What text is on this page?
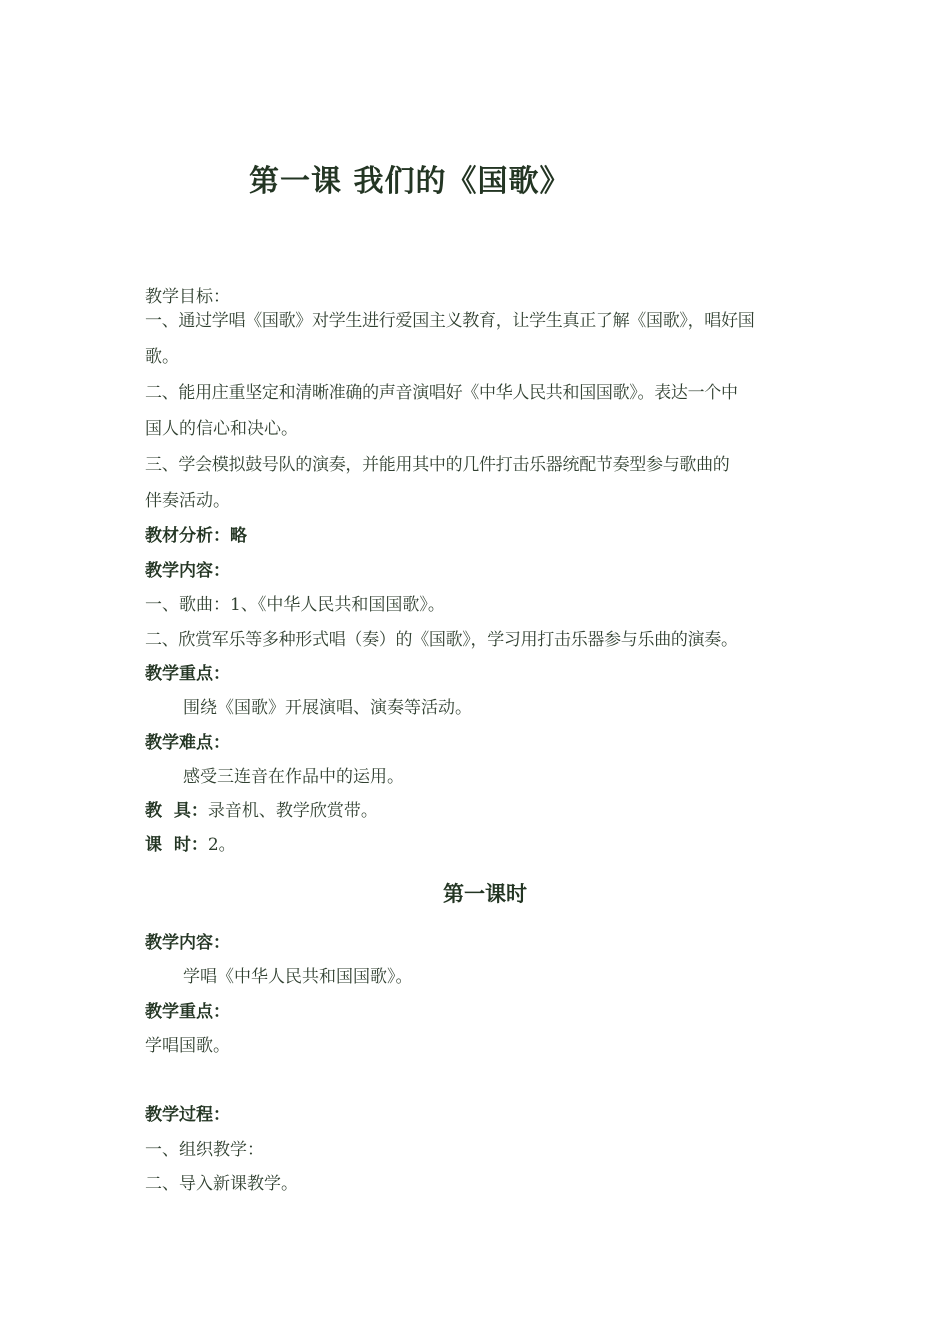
第一课 我们的《国歌》
教学目标：
一、通过学唱《国歌》对学生进行爱国主义教育，让学生真正了解《国歌》，唱好国
歌。
二、能用庄重坚定和清晰准确的声音演唱好《中华人民共和国国歌》。表达一个中
国人的信心和决心。
三、学会模拟鼓号队的演奏，并能用其中的几件打击乐器统配节奏型参与歌曲的
伴奏活动。
教材分析：略
教学内容：
一、歌曲：1、《中华人民共和国国歌》。
二、欣赏军乐等多种形式唱（奏）的《国歌》，学习用打击乐器参与乐曲的演奏。
教学重点：
围绕《国歌》开展演唱、演奏等活动。
教学难点：
感受三连音在作品中的运用。
教  具：录音机、教学欣赏带。
课  时：2。
第一课时
教学内容：
学唱《中华人民共和国国歌》。
教学重点：
学唱国歌。
教学过程：
一、组织教学：
二、导入新课教学。
